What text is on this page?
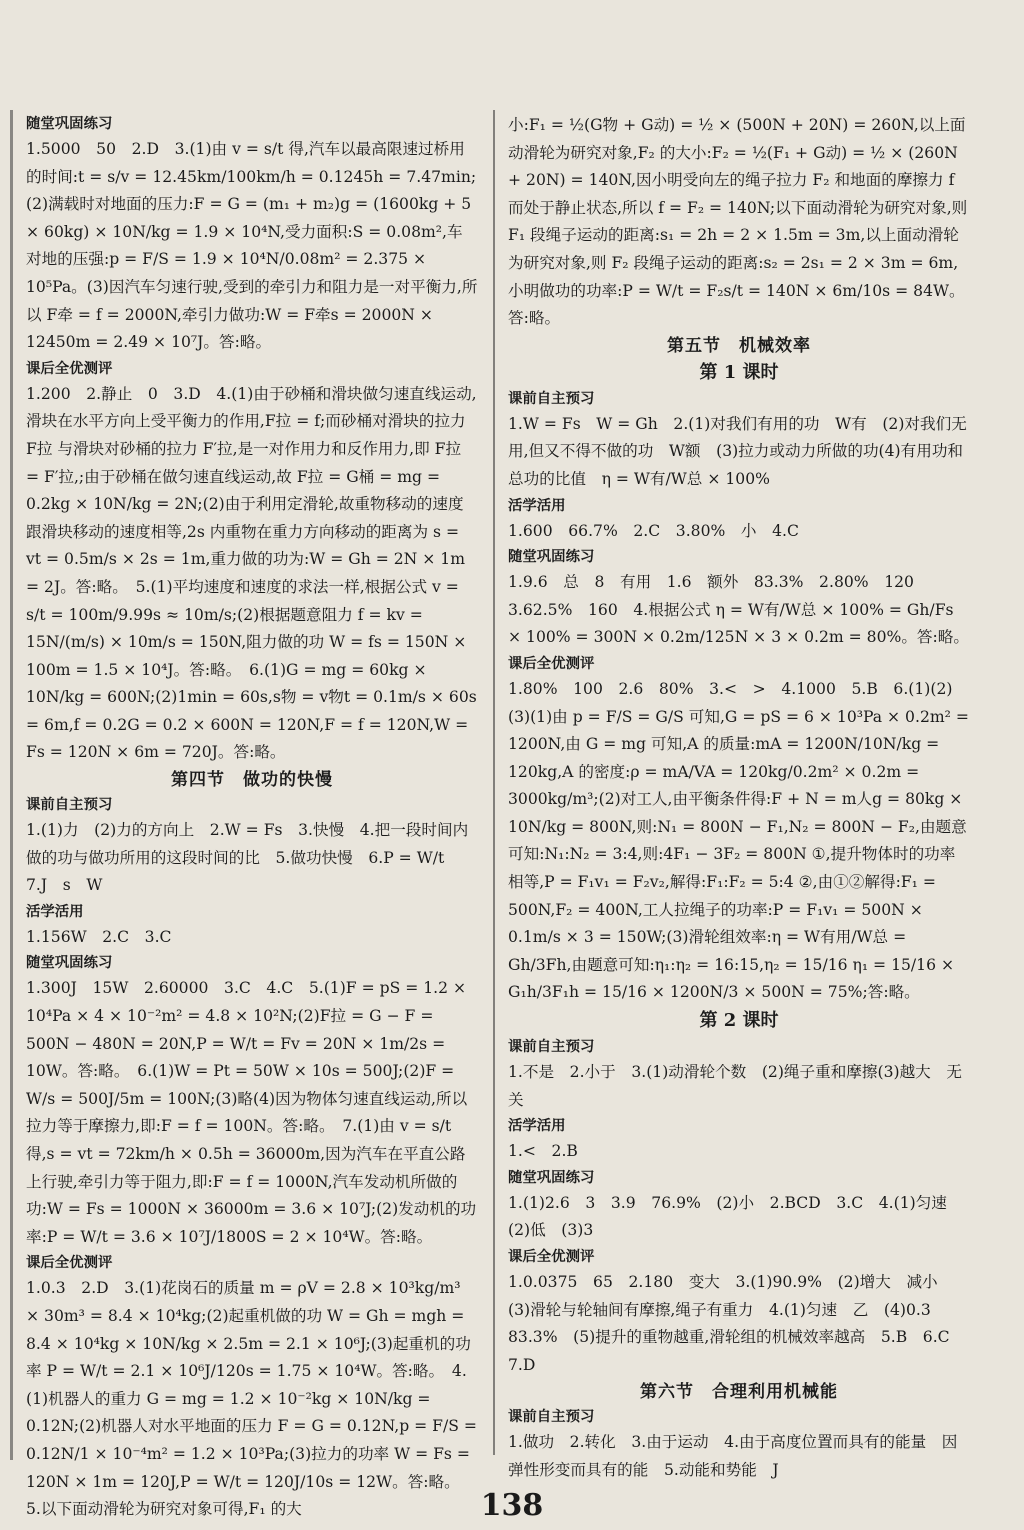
随堂巩固练习

1.5000　50　2.D　3.(1)由 v = s/t 得,汽车以最高限速过桥用的时间:t = s/v = 12.45km/100km/h = 0.1245h = 7.47min;(2)满载时对地面的压力:F = G = (m₁ + m₂)g = (1600kg + 5 × 60kg) × 10N/kg = 1.9 × 10⁴N,受力面积:S = 0.08m²,车对地的压强:p = F/S = 1.9 × 10⁴N/0.08m² = 2.375 × 10⁵Pa。(3)因汽车匀速行驶,受到的牵引力和阻力是一对平衡力,所以 F牵 = f = 2000N,牵引力做功:W = F牵s = 2000N × 12450m = 2.49 × 10⁷J。答:略。

课后全优测评

1.200　2.静止　0　3.D　4.(1)由于砂桶和滑块做匀速直线运动,滑块在水平方向上受平衡力的作用,F拉 = f;而砂桶对滑块的拉力 F拉 与滑块对砂桶的拉力 F′拉,是一对作用力和反作用力,即 F拉 = F′拉,;由于砂桶在做匀速直线运动,故 F拉 = G桶 = mg = 0.2kg × 10N/kg = 2N;(2)由于利用定滑轮,故重物移动的速度跟滑块移动的速度相等,2s 内重物在重力方向移动的距离为 s = vt = 0.5m/s × 2s = 1m,重力做的功为:W = Gh = 2N × 1m = 2J。答:略。　5.(1)平均速度和速度的求法一样,根据公式 v = s/t = 100m/9.99s ≈ 10m/s;(2)根据题意阻力 f = kv = 15N/(m/s) × 10m/s = 150N,阻力做的功 W = fs = 150N × 100m = 1.5 × 10⁴J。答:略。　6.(1)G = mg = 60kg × 10N/kg = 600N;(2)1min = 60s,s物 = v物t = 0.1m/s × 60s = 6m,f = 0.2G = 0.2 × 600N = 120N,F = f = 120N,W = Fs = 120N × 6m = 720J。答:略。

第四节　做功的快慢

课前自主预习

1.(1)力　(2)力的方向上　2.W = Fs　3.快慢　4.把一段时间内做的功与做功所用的这段时间的比　5.做功快慢　6.P = W/t　7.J　s　W

活学活用

1.156W　2.C　3.C

随堂巩固练习

1.300J　15W　2.60000　3.C　4.C　5.(1)F = pS = 1.2 × 10⁴Pa × 4 × 10⁻²m² = 4.8 × 10²N;(2)F拉 = G − F = 500N − 480N = 20N,P = W/t = Fv = 20N × 1m/2s = 10W。答:略。　6.(1)W = Pt = 50W × 10s = 500J;(2)F = W/s = 500J/5m = 100N;(3)略(4)因为物体匀速直线运动,所以拉力等于摩擦力,即:F = f = 100N。答:略。　7.(1)由 v = s/t 得,s = vt = 72km/h × 0.5h = 36000m,因为汽车在平直公路上行驶,牵引力等于阻力,即:F = f = 1000N,汽车发动机所做的功:W = Fs = 1000N × 36000m = 3.6 × 10⁷J;(2)发动机的功率:P = W/t = 3.6 × 10⁷J/1800S = 2 × 10⁴W。答:略。

课后全优测评

1.0.3　2.D　3.(1)花岗石的质量 m = ρV = 2.8 × 10³kg/m³ × 30m³ = 8.4 × 10⁴kg;(2)起重机做的功 W = Gh = mgh = 8.4 × 10⁴kg × 10N/kg × 2.5m = 2.1 × 10⁶J;(3)起重机的功率 P = W/t = 2.1 × 10⁶J/120s = 1.75 × 10⁴W。答:略。　4.(1)机器人的重力 G = mg = 1.2 × 10⁻²kg × 10N/kg = 0.12N;(2)机器人对水平地面的压力 F = G = 0.12N,p = F/S = 0.12N/1 × 10⁻⁴m² = 1.2 × 10³Pa;(3)拉力的功率 W = Fs = 120N × 1m = 120J,P = W/t = 120J/10s = 12W。答:略。　5.以下面动滑轮为研究对象可得,F₁ 的大

小:F₁ = ½(G物 + G动) = ½ × (500N + 20N) = 260N,以上面动滑轮为研究对象,F₂ 的大小:F₂ = ½(F₁ + G动) = ½ × (260N + 20N) = 140N,因小明受向左的绳子拉力 F₂ 和地面的摩擦力 f 而处于静止状态,所以 f = F₂ = 140N;以下面动滑轮为研究对象,则 F₁ 段绳子运动的距离:s₁ = 2h = 2 × 1.5m = 3m,以上面动滑轮为研究对象,则 F₂ 段绳子运动的距离:s₂ = 2s₁ = 2 × 3m = 6m,小明做功的功率:P = W/t = F₂s/t = 140N × 6m/10s = 84W。答:略。

第五节　机械效率

第 1 课时

课前自主预习

1.W = Fs　W = Gh　2.(1)对我们有用的功　W有　(2)对我们无用,但又不得不做的功　W额　(3)拉力或动力所做的功(4)有用功和总功的比值　η = W有/W总 × 100%

活学活用

1.600　66.7%　2.C　3.80%　小　4.C

随堂巩固练习

1.9.6　总　8　有用　1.6　额外　83.3%　2.80%　120　3.62.5%　160　4.根据公式 η = W有/W总 × 100% = Gh/Fs × 100% = 300N × 0.2m/125N × 3 × 0.2m = 80%。答:略。

课后全优测评

1.80%　100　2.6　80%　3.<　>　4.1000　5.B　6.(1)(2)(3)(1)由 p = F/S = G/S 可知,G = pS = 6 × 10³Pa × 0.2m² = 1200N,由 G = mg 可知,A 的质量:mA = 1200N/10N/kg = 120kg,A 的密度:ρ = mA/VA = 120kg/0.2m² × 0.2m = 3000kg/m³;(2)对工人,由平衡条件得:F + N = m人g = 80kg × 10N/kg = 800N,则:N₁ = 800N − F₁,N₂ = 800N − F₂,由题意可知:N₁:N₂ = 3:4,则:4F₁ − 3F₂ = 800N ①,提升物体时的功率相等,P = F₁v₁ = F₂v₂,解得:F₁:F₂ = 5:4 ②,由①②解得:F₁ = 500N,F₂ = 400N,工人拉绳子的功率:P = F₁v₁ = 500N × 0.1m/s × 3 = 150W;(3)滑轮组效率:η = W有用/W总 = Gh/3Fh,由题意可知:η₁:η₂ = 16:15,η₂ = 15/16 η₁ = 15/16 × G₁h/3F₁h = 15/16 × 1200N/3 × 500N = 75%;答:略。

第 2 课时

课前自主预习

1.不是　2.小于　3.(1)动滑轮个数　(2)绳子重和摩擦(3)越大　无关

活学活用

1.<　2.B

随堂巩固练习

1.(1)2.6　3　3.9　76.9%　(2)小　2.BCD　3.C　4.(1)匀速　(2)低　(3)3

课后全优测评

1.0.0375　65　2.180　变大　3.(1)90.9%　(2)增大　减小　(3)滑轮与轮轴间有摩擦,绳子有重力　4.(1)匀速　乙　(4)0.3　83.3%　(5)提升的重物越重,滑轮组的机械效率越高　5.B　6.C　7.D

第六节　合理利用机械能

课前自主预习

1.做功　2.转化　3.由于运动　4.由于高度位置而具有的能量　因弹性形变而具有的能　5.动能和势能　J

138
